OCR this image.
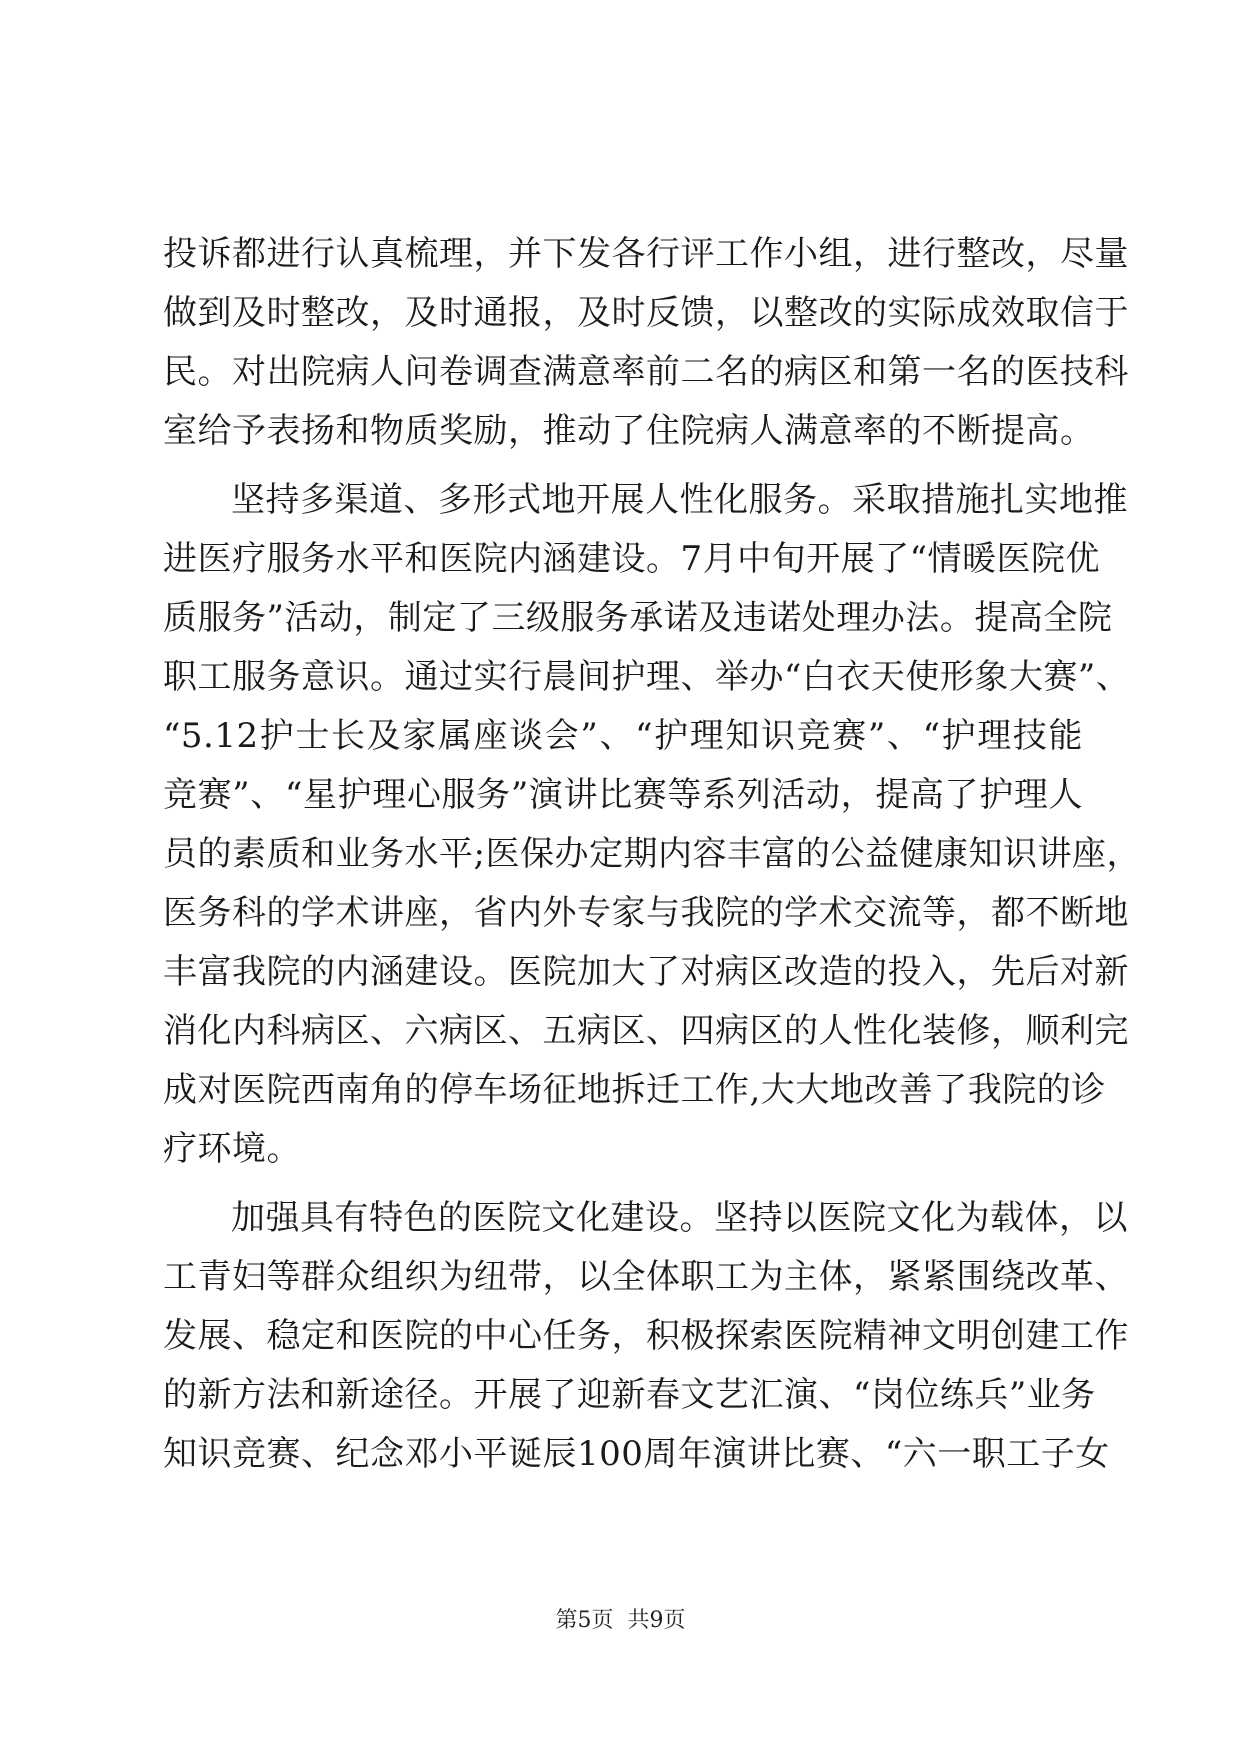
投诉都进行认真梳理，并下发各行评工作小组，进行整改，尽量
做到及时整改，及时通报，及时反馈，以整改的实际成效取信于
民。对出院病人问卷调查满意率前二名的病区和第一名的医技科
室给予表扬和物质奖励，推动了住院病人满意率的不断提高。
坚持多渠道、多形式地开展人性化服务。采取措施扎实地推
进医疗服务水平和医院内涵建设。7月中旬开展了“情暖医院优
质服务”活动，制定了三级服务承诺及违诺处理办法。提高全院
职工服务意识。通过实行晨间护理、举办“白衣天使形象大赛”、
“5.12护士长及家属座谈会”、“护理知识竞赛”、“护理技能
竞赛”、“星护理心服务”演讲比赛等系列活动，提高了护理人
员的素质和业务水平;医保办定期内容丰富的公益健康知识讲座，
医务科的学术讲座，省内外专家与我院的学术交流等，都不断地
丰富我院的内涵建设。医院加大了对病区改造的投入，先后对新
消化内科病区、六病区、五病区、四病区的人性化装修，顺利完
成对医院西南角的停车场征地拆迁工作,大大地改善了我院的诊
疗环境。
加强具有特色的医院文化建设。坚持以医院文化为载体，以
工青妇等群众组织为纽带，以全体职工为主体，紧紧围绕改革、
发展、稳定和医院的中心任务，积极探索医院精神文明创建工作
的新方法和新途径。开展了迎新春文艺汇演、“岗位练兵”业务
知识竞赛、纪念邓小平诞辰100周年演讲比赛、“六一职工子女
第5页 共9页
